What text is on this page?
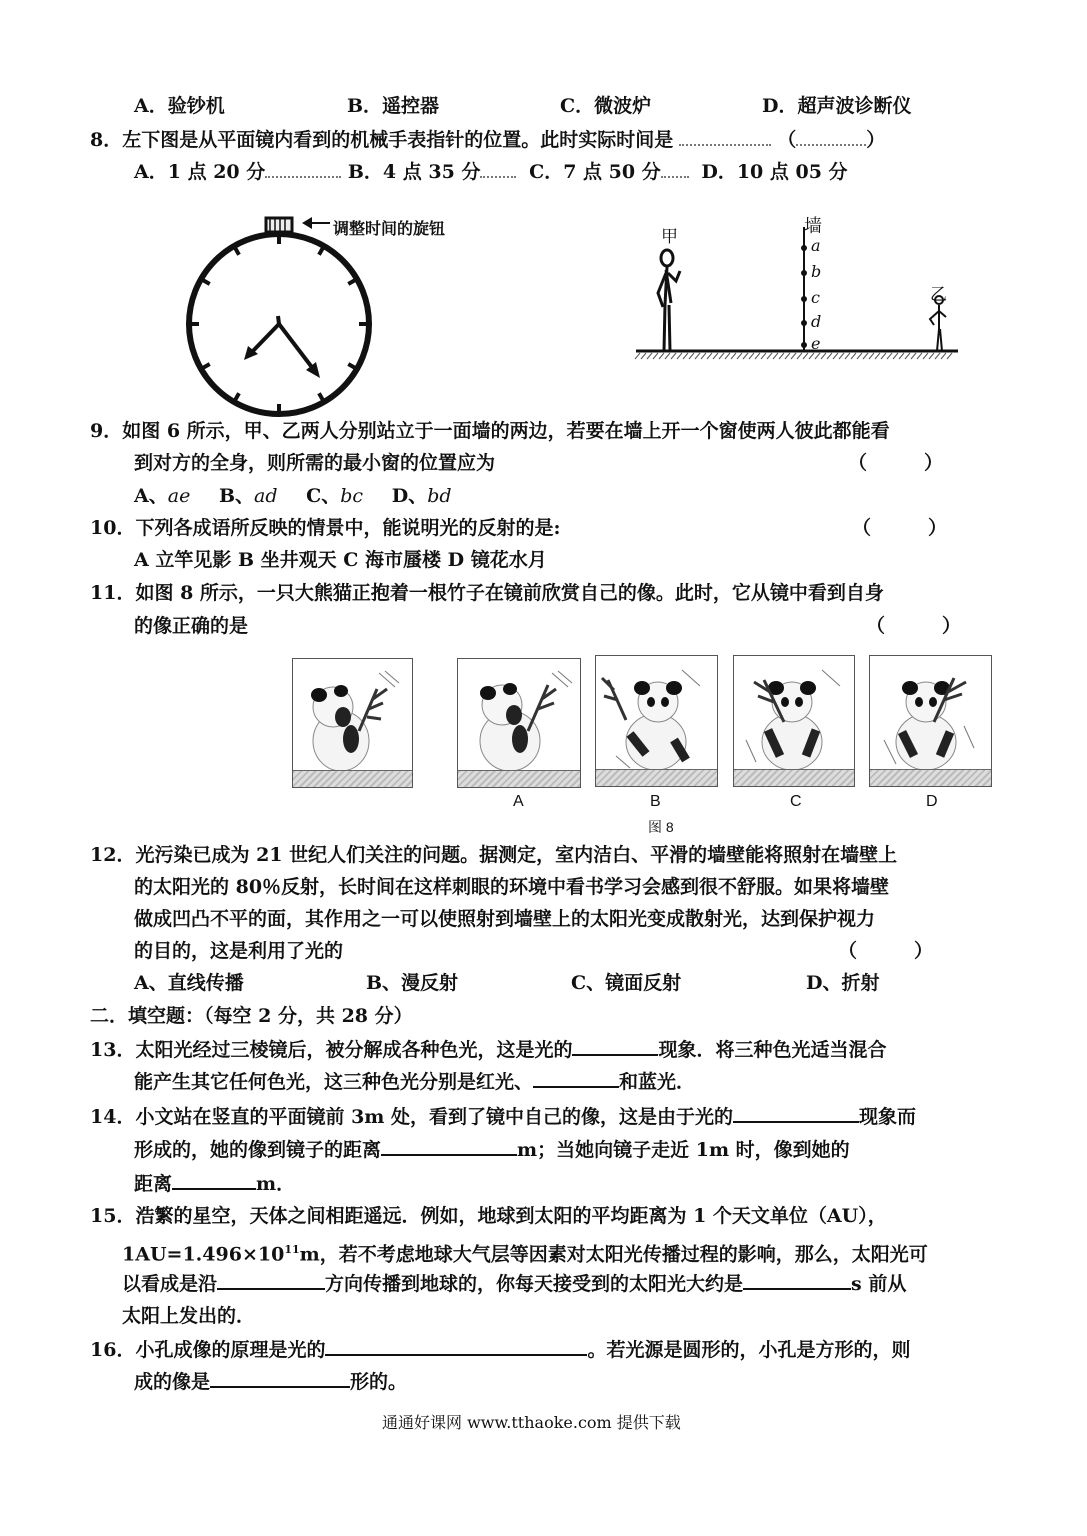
A．验钞机	B．遥控器	C．微波炉	D．超声波诊断仪
8．左下图是从平面镜内看到的机械手表指针的位置。此时实际时间是	（	）
A．1 点 20 分	B．4 点 35 分	C．7 点 50 分 D．10 点 05 分
调整时间的旋钮	墙
甲
乙
a
b
c
d
e
9．如图 6 所示，甲、乙两人分别站立于一面墙的两边，若要在墙上开一个窗使两人彼此都能看
到对方的全身，则所需的最小窗的位置应为	（　　　）
A、ae B、ad C、bc D、bd
10．下列各成语所反映的情景中，能说明光的反射的是:	（　　　）
A 立竿见影 B 坐井观天 C 海市蜃楼 D 镜花水月
11．如图 8 所示，一只大熊猫正抱着一根竹子在镜前欣赏自己的像。此时，它从镜中看到自身
的像正确的是	（　　　）
A	B	C	D
图 8
12．光污染已成为 21 世纪人们关注的问题。据测定，室内洁白、平滑的墙壁能将照射在墙壁上
的太阳光的 80％反射，长时间在这样刺眼的环境中看书学习会感到很不舒服。如果将墙壁
做成凹凸不平的面，其作用之一可以使照射到墙壁上的太阳光变成散射光，达到保护视力
的目的，这是利用了光的	（　　　）
A、直线传播	B、漫反射	C、镜面反射	D、折射
二．填空题：（每空 2 分，共 28 分）
13．太阳光经过三棱镜后，被分解成各种色光，这是光的	现象．将三种色光适当混合
能产生其它任何色光，这三种色光分别是红光、	和蓝光．
14．小文站在竖直的平面镜前 3m 处，看到了镜中自己的像，这是由于光的	现象而
形成的，她的像到镜子的距离	m；当她向镜子走近 1m 时，像到她的
距离	m．
15．浩繁的星空，天体之间相距遥远．例如，地球到太阳的平均距离为 1 个天文单位（AU），
$1AU=1.496\times 10^{11}m$，若不考虑地球大气层等因素对太阳光传播过程的影响，那么，太阳光可
以看成是沿	方向传播到地球的，你每天接受到的太阳光大约是	s 前从
太阳上发出的．
16．小孔成像的原理是光的	。若光源是圆形的，小孔是方形的，则
成的像是	形的。
通通好课网 www.tthaoke.com 提供下载
